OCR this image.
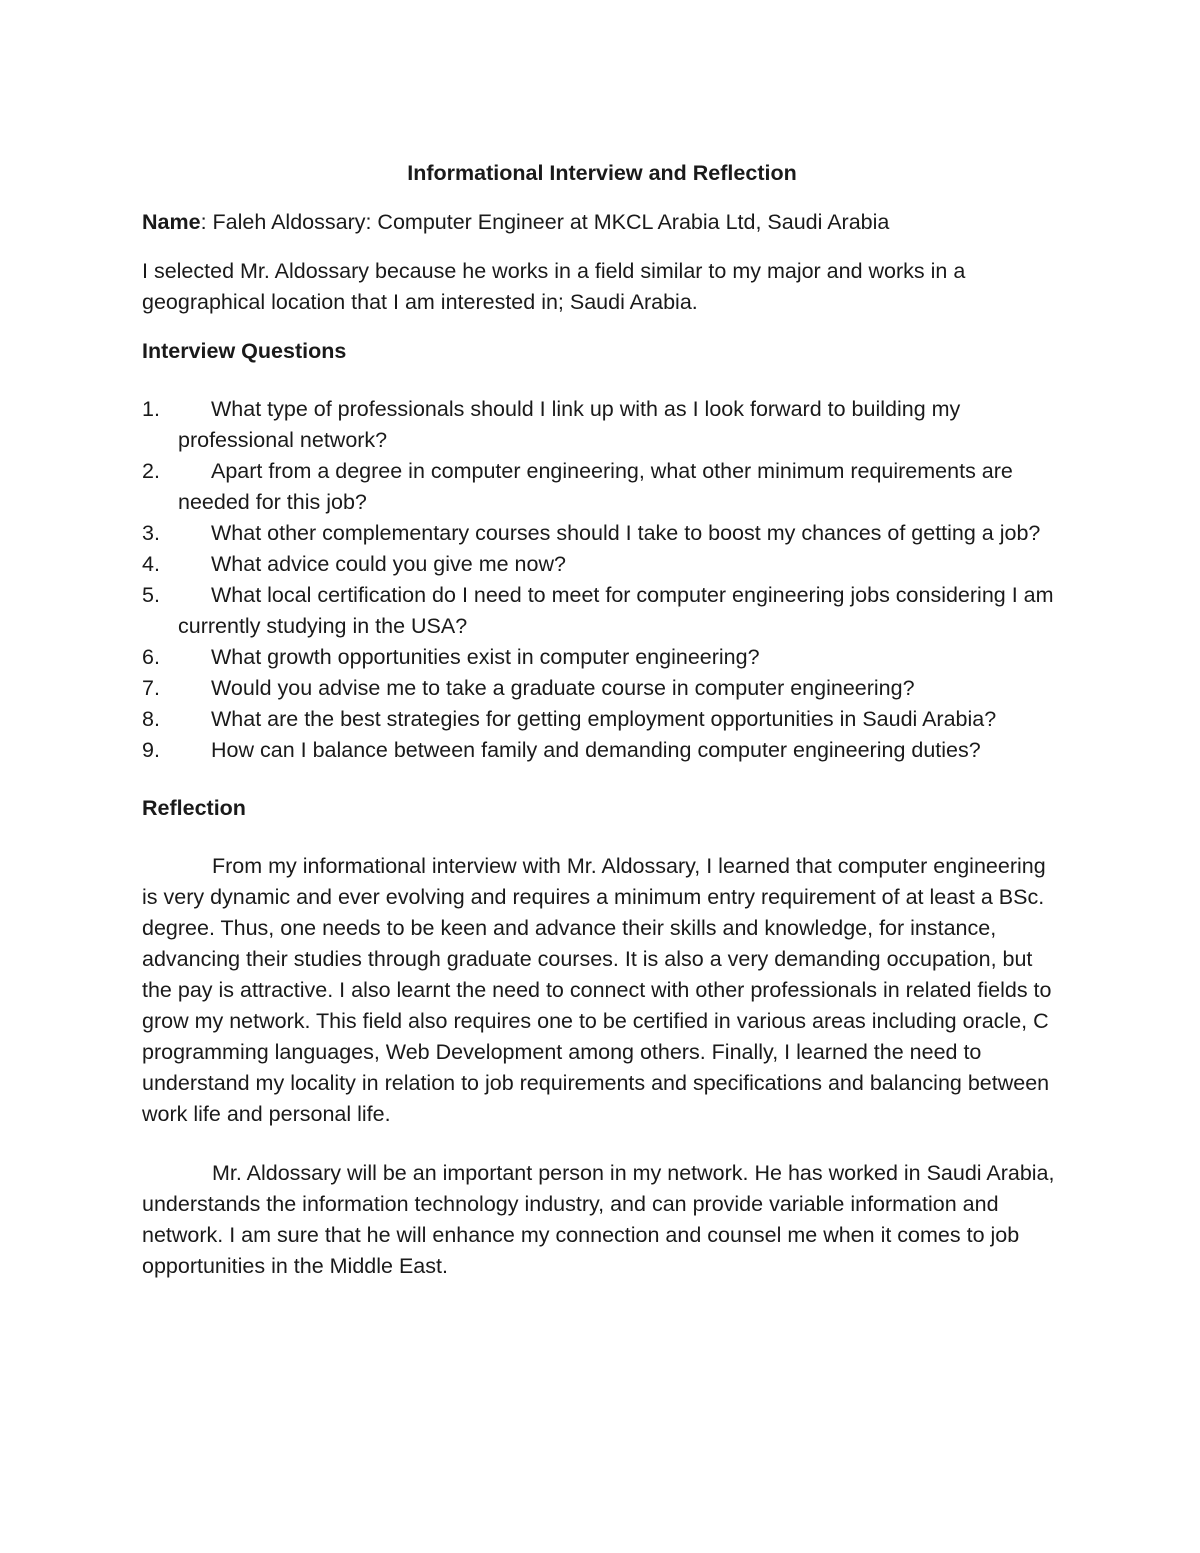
Informational Interview and Reflection
Name: Faleh Aldossary: Computer Engineer at MKCL Arabia Ltd, Saudi Arabia
I selected Mr. Aldossary because he works in a field similar to my major and works in a geographical location that I am interested in; Saudi Arabia.
Interview Questions
1.	What type of professionals should I link up with as I look forward to building my professional network?
2.	Apart from a degree in computer engineering, what other minimum requirements are needed for this job?
3.	What other complementary courses should I take to boost my chances of getting a job?
4.	What advice could you give me now?
5.	What local certification do I need to meet for computer engineering jobs considering I am currently studying in the USA?
6.	What growth opportunities exist in computer engineering?
7.	Would you advise me to take a graduate course in computer engineering?
8.	What are the best strategies for getting employment opportunities in Saudi Arabia?
9.	How can I balance between family and demanding computer engineering duties?
Reflection
From my informational interview with Mr. Aldossary, I learned that computer engineering is very dynamic and ever evolving and requires a minimum entry requirement of at least a BSc. degree. Thus, one needs to be keen and advance their skills and knowledge, for instance, advancing their studies through graduate courses. It is also a very demanding occupation, but the pay is attractive. I also learnt the need to connect with other professionals in related fields to grow my network. This field also requires one to be certified in various areas including oracle, C programming languages, Web Development among others. Finally, I learned the need to understand my locality in relation to job requirements and specifications and balancing between work life and personal life.
Mr. Aldossary will be an important person in my network. He has worked in Saudi Arabia, understands the information technology industry, and can provide variable information and network. I am sure that he will enhance my connection and counsel me when it comes to job opportunities in the Middle East.
